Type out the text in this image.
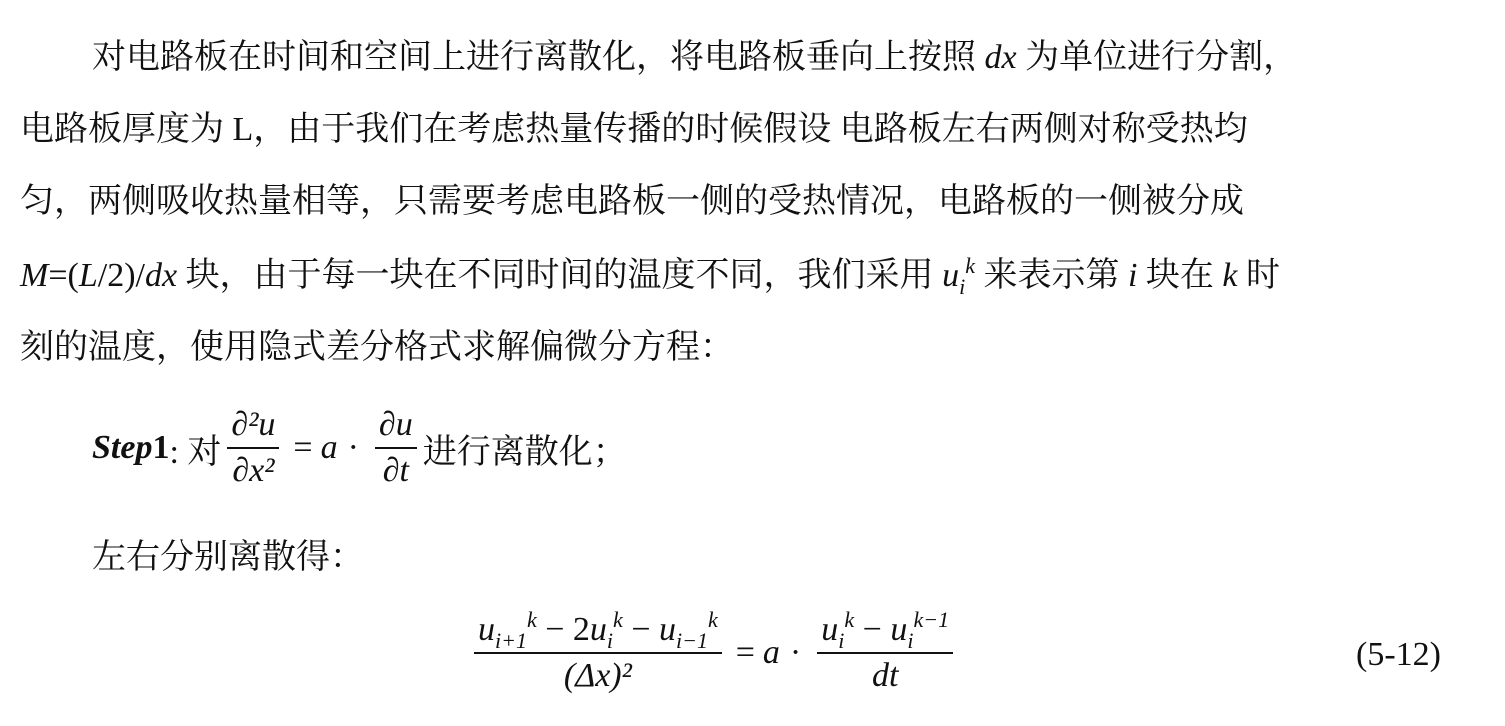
对电路板在时间和空间上进行离散化，将电路板垂向上按照 dx 为单位进行分割，
电路板厚度为 L，由于我们在考虑热量传播的时候假设 电路板左右两侧对称受热均
匀，两侧吸收热量相等，只需要考虑电路板一侧的受热情况，电路板的一侧被分成
M=(L/2)/dx 块，由于每一块在不同时间的温度不同，我们采用 $u_i^k$ 来表示第 i 块在 k 时
刻的温度，使用隐式差分格式求解偏微分方程：
Step 1 : 对 $\frac{\text{∂²u}}{\text{∂x²}} = a \cdot \frac{\partial u}{\partial t}$ 进行离散化；
左右分别离散得：
$\frac{u_{i+1}^k - 2u_i^k - u_{i-1}^k}{\text{(Δx)²}} = a \cdot \frac{u_i^k - u_i^{k-1}}{dt}$	(5-12)
